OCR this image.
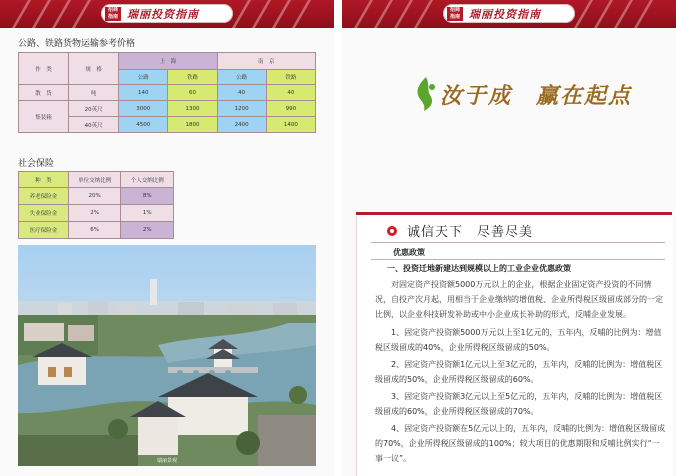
招商
指南 瑞丽投资指南
公路、铁路货物运输参考价格
作　类	规　格	上　海		南　京	
		公路	铁路	公路	铁路
散　货	吨	140	60	40	40
集装箱	20英尺	3000	1300	1200	990
	40英尺	4500	1800	2400	1400
社会保险
种　类	单位交纳比例	个人交纳比例
养老保险金	20%	8%
失业保险金	2%	1%
医疗保险金	6%	2%
瑞丽景观
招商
指南 瑞丽投资指南
汝于成　赢在起点
诚信天下　尽善尽美
优惠政策
一、投资迁地新建达到规模以上的工业企业优惠政策
对固定资产投资额5000万元以上的企业，根据企业固定资产投资的不同情况，自投产次月起，用相当于企业缴纳的增值税、企业所得税区级留成部分的一定比例，以企业科技研发补助或中小企业成长补助的形式，反哺企业发展。
1、固定资产投资额5000万元以上至1亿元的，五年内，反哺的比例为：增值税区级留成的40%，企业所得税区级留成的50%。
2、固定资产投资额1亿元以上至3亿元的，五年内，反哺的比例为：增值税区级留成的50%，企业所得税区级留成的60%。
3、固定资产投资额3亿元以上至5亿元的，五年内，反哺的比例为：增值税区级留成的60%，企业所得税区级留成的70%。
4、固定资产投资额在5亿元以上的，五年内，反哺的比例为：增值税区级留成的70%，企业所得税区级留成的100%；较大项目的优惠期限和反哺比例实行“一事一议”。
